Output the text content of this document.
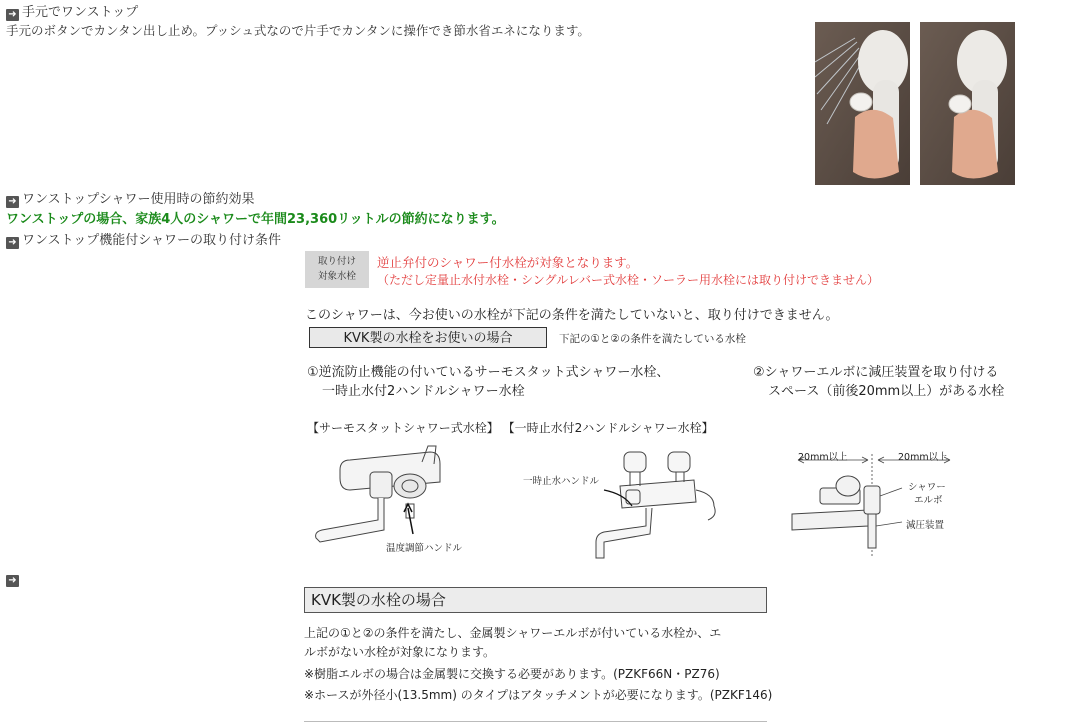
➜ 手元でワンストップ
手元のボタンでカンタン出し止め。プッシュ式なので片手でカンタンに操作でき節水省エネになります。
➜ ワンストップシャワー使用時の節約効果
ワンストップの場合、家族4人のシャワーで年間23,360リットルの節約になります。
➜ ワンストップ機能付シャワーの取り付け条件
取り付け
対象水栓
逆止弁付のシャワー付水栓が対象となります。
（ただし定量止水付水栓・シングルレバー式水栓・ソーラー用水栓には取り付けできません）
このシャワーは、今お使いの水栓が下記の条件を満たしていないと、取り付けできません。
KVK製の水栓をお使いの場合	下記の①と②の条件を満たしている水栓
①逆流防止機能の付いているサーモスタット式シャワー水栓、
一時止水付2ハンドルシャワー水栓
②シャワーエルボに減圧装置を取り付ける
スペース（前後20mm以上）がある水栓
【サーモスタットシャワー式水栓】 【一時止水付2ハンドルシャワー水栓】
温度調節ハンドル
一時止水ハンドル
20mm以上	20mm以上
シャワー
エルボ
減圧装置
➜
KVK製の水栓の場合
上記の①と②の条件を満たし、金属製シャワーエルボが付いている水栓か、エ
ルボがない水栓が対象になります。
※樹脂エルボの場合は金属製に交換する必要があります。(PZKF66N・PZ76)
※ホースが外径小(13.5mm) のタイプはアタッチメントが必要になります。(PZKF146)
